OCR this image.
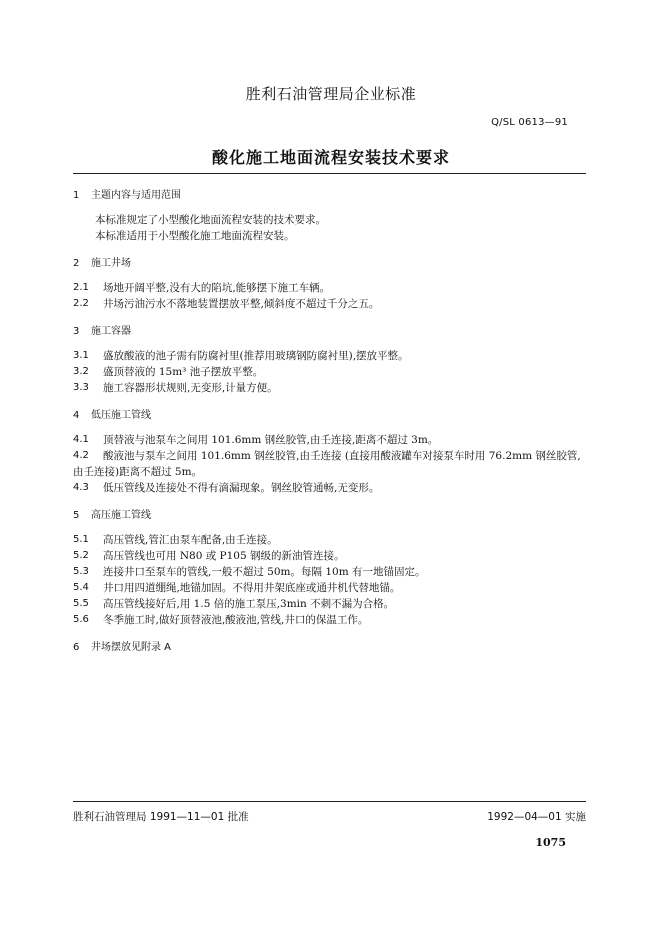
胜利石油管理局企业标准
Q/SL 0613—91
酸化施工地面流程安装技术要求
1 主题内容与适用范围

本标准规定了小型酸化地面流程安装的技术要求。

本标准适用于小型酸化施工地面流程安装。

2 施工井场

2.1 场地开阔平整,没有大的陷坑,能够摆下施工车辆。

2.2 井场污油污水不落地装置摆放平整,倾斜度不超过千分之五。

3 施工容器

3.1 盛放酸液的池子需有防腐衬里(推荐用玻璃钢防腐衬里),摆放平整。

3.2 盛顶替液的 15m³ 池子摆放平整。

3.3 施工容器形状规则,无变形,计量方便。

4 低压施工管线

4.1 顶替液与池泵车之间用 101.6mm 钢丝胶管,由壬连接,距离不超过 3m。

4.2 酸液池与泵车之间用 101.6mm 钢丝胶管,由壬连接 (直接用酸液罐车对接泵车时用 76.2mm 钢丝胶管,由壬连接)距离不超过 5m。

4.3 低压管线及连接处不得有滴漏现象。钢丝胶管通畅,无变形。

5 高压施工管线

5.1 高压管线,管汇由泵车配备,由壬连接。

5.2 高压管线也可用 N80 或 P105 钢级的新油管连接。

5.3 连接井口至泵车的管线,一般不超过 50m。每隔 10m 有一地锚固定。

5.4 井口用四道绷绳,地锚加固。不得用井架底座或通井机代替地锚。

5.5 高压管线接好后,用 1.5 倍的施工泵压,3min 不刺不漏为合格。

5.6 冬季施工时,做好顶替液池,酸液池,管线,井口的保温工作。

6 井场摆放见附录 A
胜利石油管理局 1991—11—01 批准	1992—04—01 实施
1075
